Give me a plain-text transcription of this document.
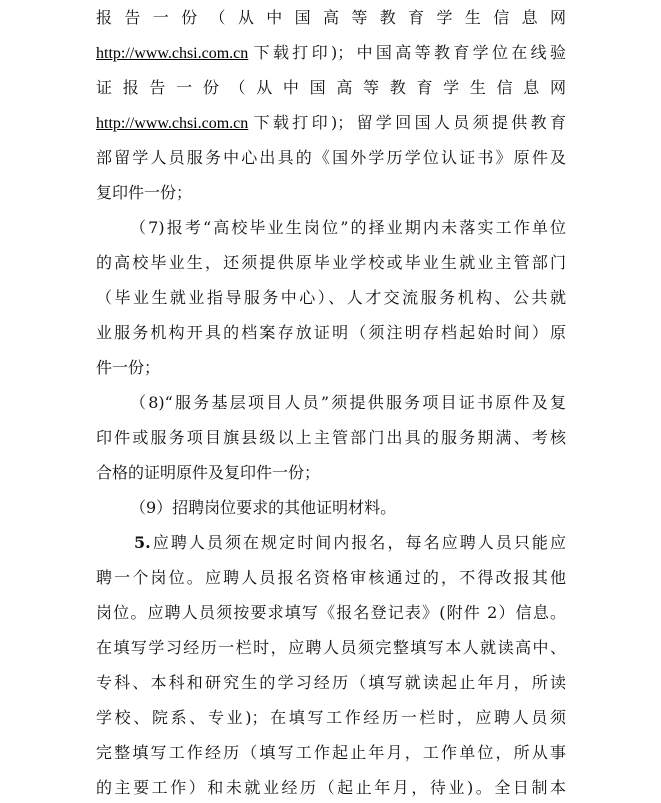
报告一份（从中国高等教育学生信息网
http://www.chsi.com.cn 下载打印)；中国高等教育学位在线验
证报告一份（从中国高等教育学生信息网
http://www.chsi.com.cn 下载打印)；留学回国人员须提供教育
部留学人员服务中心出具的《国外学历学位认证书》原件及
复印件一份；
（7)报考“高校毕业生岗位”的择业期内未落实工作单位
的高校毕业生，还须提供原毕业学校或毕业生就业主管部门
（毕业生就业指导服务中心）、人才交流服务机构、公共就
业服务机构开具的档案存放证明（须注明存档起始时间）原
件一份；
（8)“服务基层项目人员”须提供服务项目证书原件及复
印件或服务项目旗县级以上主管部门出具的服务期满、考核
合格的证明原件及复印件一份；
（9）招聘岗位要求的其他证明材料。
5.应聘人员须在规定时间内报名，每名应聘人员只能应
聘一个岗位。应聘人员报名资格审核通过的，不得改报其他
岗位。应聘人员须按要求填写《报名登记表》(附件 2）信息。
在填写学习经历一栏时，应聘人员须完整填写本人就读高中、
专科、本科和研究生的学习经历（填写就读起止年月，所读
学校、院系、专业)；在填写工作经历一栏时，应聘人员须
完整填写工作经历（填写工作起止年月，工作单位，所从事
的主要工作）和未就业经历（起止年月，待业)。全日制本
